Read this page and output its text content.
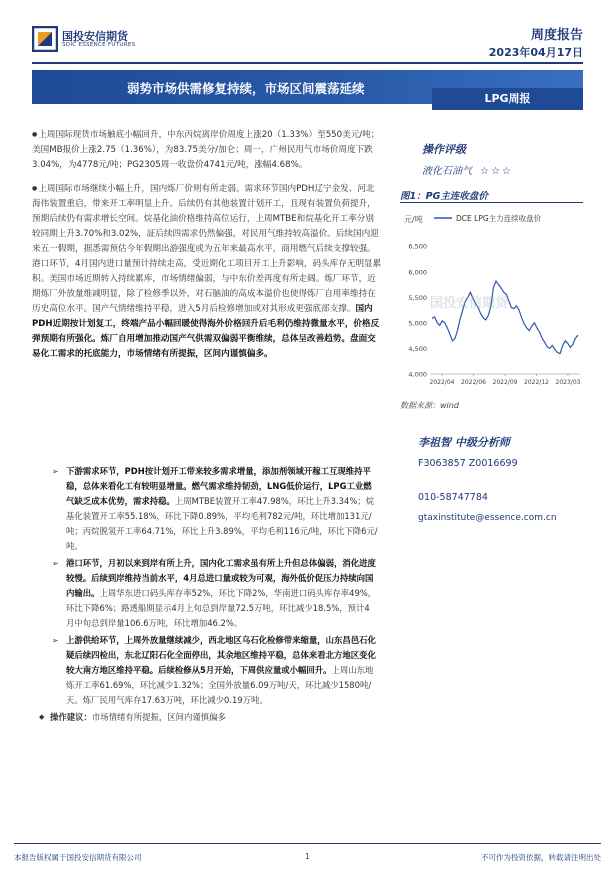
国投安信期货
SDIC ESSENCE FUTURES
周度报告
2023年04月17日
弱势市场供需修复持续，市场区间震荡延续
LPG周报

● 上周国际现货市场触底小幅回升，中东丙烷离岸价周度上涨20（1.33%）至550美元/吨；美国MB报价上涨2.75（1.36%），为83.75美分/加仑；周一，广州民用气市场价周度下跌3.04%，为4778元/吨；PG2305周一收盘价4741元/吨，涨幅4.68%。

● 上周国际市场继续小幅上升，国内炼厂价则有所走弱。需求环节国内PDH辽宁金发、河北海伟装置重启，带来开工率明显上升。后续仍有其他装置计划开工，且现有装置负荷提升，预期后续仍有需求增长空间。烷基化油价格维持高位运行，上周MTBE和烷基化开工率分别较同期上升3.70%和3.02%，証后续四需求仍然偏强，对民用气维持较高溢价。后续国内迎来五一假期，据悉需预估今年假期出游强度或为五年来最高水平，商用燃气后续支撑较强。港口环节，4月国内进口量预计持续走高，受近期化工项目开工上升影响，码头库存无明显累积。美国市场近期转入持续累库，市场情绪偏弱，与中东价差再度有所走阔。炼厂环节，近期炼厂外放量维减明显，除了检修季以外，对石脑油的高成本溢价也使得炼厂自用率维持在历史高位水平。国产气情绪维持平稳，进入5月后检修增加或对其形成更强底部支撑。国内PDH近期按计划复工，终端产品小幅回暖使得海外价格回升后毛利仍维持微量水平，价格反弹预期有所强化。炼厂自用增加推动国产气供需双偏弱平衡维续，总体呈改善趋势。盘面交易化工需求的托底能力，市场情绪有所提振，区间内谨慎偏多。

➢ 下游需求环节，PDH按计划开工带来较多需求增量，添加剂领域开稼工互现维持平稳，总体来看化工有较明显增量。燃气需求维持韧劲，LNG低价运行，LPG工业燃气缺乏成本优势，需求持稳。上周MTBE装置开工率47.98%，环比上升3.34%；烷基化装置开工率55.18%，环比下降0.89%，平均毛利782元/吨，环比增加131元/吨；丙烷脱氢开工率64.71%，环比上升3.89%，平均毛利116元/吨，环比下降6元/吨。
➢ 港口环节，月初以来到岸有所上升，国内化工需求虽有所上升但总体偏弱，消化进度较慢。后续到岸维持当前水平，4月总进口量或较为可观，海外低价促压力持续向国内输出。上周华东进口码头库存率52%，环比下降2%，华南进口码头库存率49%，环比下降6%；路透船期显示4月上旬总到岸量72.5万吨，环比减少18.5%，预计4月中旬总到岸量106.6万吨，环比增加46.2%。
➢ 上游供给环节，上周外放量继续减少，西北地区乌石化检修带来缩量，山东昌邑石化疑后续四检出，东北辽阳石化全面停出，其余地区维持平稳，总体来看北方地区变化较大南方地区维持平稳。后续检修从5月开始，下周供应量或小幅回升。上周山东地炼开工率61.69%，环比减少1.32%；全国外放量6.09万吨/天，环比减少1580吨/天。炼厂民用气库存17.63万吨，环比减少0.19万吨。
◆ 操作建议：市场情绪有所提振，区间内谨慎偏多
操作评级
液化石油气 ☆☆☆
图1：PG主连收盘价
元/吨	DCE LPG主力连续收盘价
4,000
4,500
5,000
5,500
6,000
6,500
2022/04 2022/06 2022/09 2022/12 2023/03
国投安信期货
数据来源：wind
李祖智 中级分析师
F3063857 Z0016699
010-58747784
gtaxinstitute@essence.com.cn
本报告版权属于国投安信期货有限公司	1	不可作为投资依据，转载请注明出处
